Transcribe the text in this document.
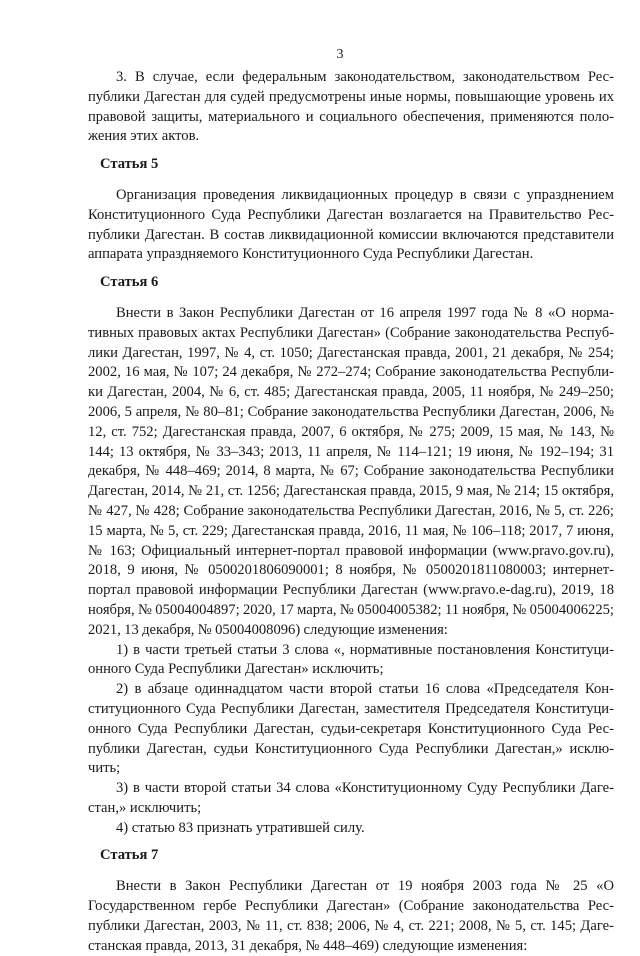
3

3. В случае, если федеральным законодательством, законодательством Республики Дагестан для судей предусмотрены иные нормы, повышающие уровень их правовой защиты, материального и социального обеспечения, применяются положения этих актов.

Статья 5

Организация проведения ликвидационных процедур в связи с упразднением Конституционного Суда Республики Дагестан возлагается на Правительство Республики Дагестан. В состав ликвидационной комиссии включаются представители аппарата упраздняемого Конституционного Суда Республики Дагестан.

Статья 6

Внести в Закон Республики Дагестан от 16 апреля 1997 года № 8 «О нормативных правовых актах Республики Дагестан» (Собрание законодательства Республики Дагестан, 1997, № 4, ст. 1050; Дагестанская правда, 2001, 21 декабря, № 254; 2002, 16 мая, № 107; 24 декабря, № 272–274; Собрание законодательства Республики Дагестан, 2004, № 6, ст. 485; Дагестанская правда, 2005, 11 ноября, № 249–250; 2006, 5 апреля, № 80–81; Собрание законодательства Республики Дагестан, 2006, № 12, ст. 752; Дагестанская правда, 2007, 6 октября, № 275; 2009, 15 мая, № 143, № 144; 13 октября, № 33–343; 2013, 11 апреля, № 114–121; 19 июня, № 192–194; 31 декабря, № 448–469; 2014, 8 марта, № 67; Собрание законодательства Республики Дагестан, 2014, № 21, ст. 1256; Дагестанская правда, 2015, 9 мая, № 214; 15 октября, № 427, № 428; Собрание законодательства Республики Дагестан, 2016, № 5, ст. 226; 15 марта, № 5, ст. 229; Дагестанская правда, 2016, 11 мая, № 106–118; 2017, 7 июня, № 163; Официальный интернет-портал правовой информации (www.pravo.gov.ru), 2018, 9 июня, № 0500201806090001; 8 ноября, № 0500201811080003; интернет-портал правовой информации Республики Дагестан (www.pravo.e-dag.ru), 2019, 18 ноября, № 05004004897; 2020, 17 марта, № 05004005382; 11 ноября, № 05004006225; 2021, 13 декабря, № 05004008096) следующие изменения:

1) в части третьей статьи 3 слова «, нормативные постановления Конституционного Суда Республики Дагестан» исключить;

2) в абзаце одиннадцатом части второй статьи 16 слова «Председателя Конституционного Суда Республики Дагестан, заместителя Председателя Конституционного Суда Республики Дагестан, судьи-секретаря Конституционного Суда Республики Дагестан, судьи Конституционного Суда Республики Дагестан,» исключить;

3) в части второй статьи 34 слова «Конституционному Суду Республики Дагестан,» исключить;

4) статью 83 признать утратившей силу.

Статья 7

Внести в Закон Республики Дагестан от 19 ноября 2003 года № 25 «О Государственном гербе Республики Дагестан» (Собрание законодательства Республики Дагестан, 2003, № 11, ст. 838; 2006, № 4, ст. 221; 2008, № 5, ст. 145; Дагестанская правда, 2013, 31 декабря, № 448–469) следующие изменения:
